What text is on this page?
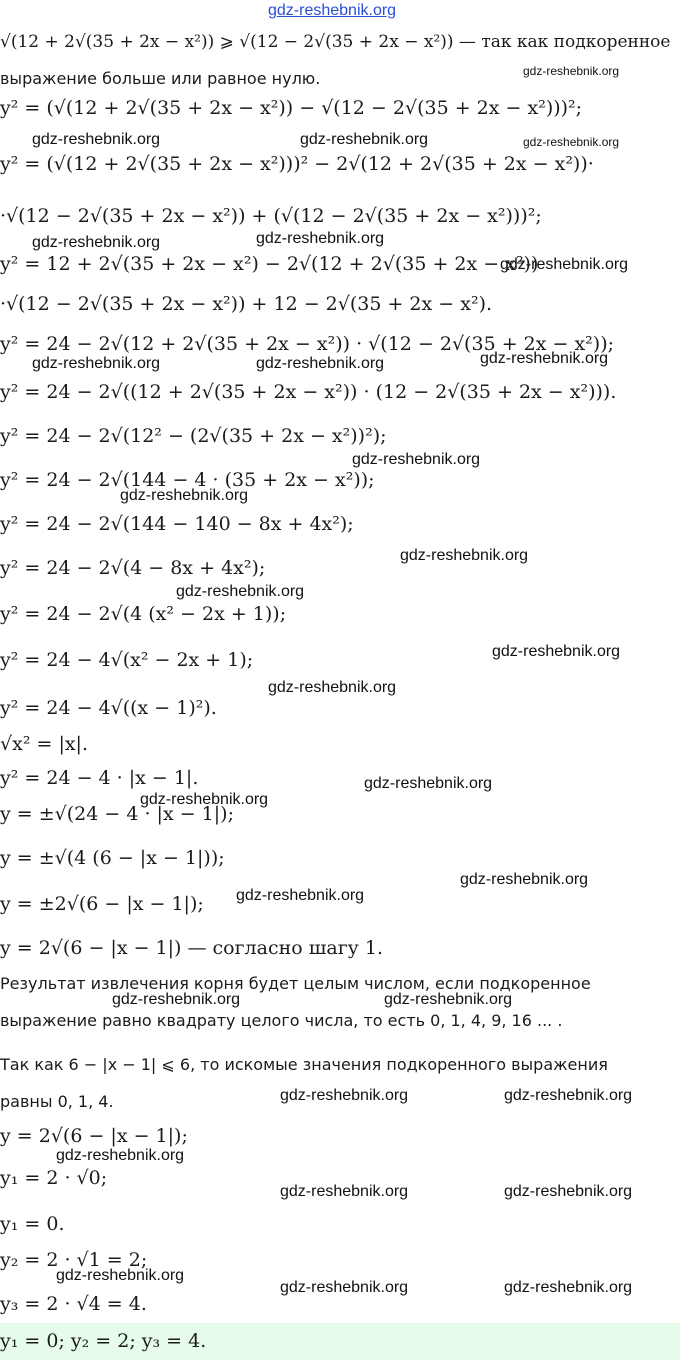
gdz-reshebnik.org
gdz-reshebnik.org
gdz-reshebnik.org	gdz-reshebnik.org	gdz-reshebnik.org
gdz-reshebnik.org	gdz-reshebnik.org
gdz-reshebnik.org
gdz-reshebnik.org	gdz-reshebnik.org	gdz-reshebnik.org
gdz-reshebnik.org
gdz-reshebnik.org
gdz-reshebnik.org
gdz-reshebnik.org
gdz-reshebnik.org
gdz-reshebnik.org
gdz-reshebnik.org
gdz-reshebnik.org
gdz-reshebnik.org
gdz-reshebnik.org
gdz-reshebnik.org	gdz-reshebnik.org
gdz-reshebnik.org	gdz-reshebnik.org
gdz-reshebnik.org
gdz-reshebnik.org	gdz-reshebnik.org
gdz-reshebnik.org
gdz-reshebnik.org	gdz-reshebnik.org
√(12 + 2√(35 + 2x − x²)) ⩾ √(12 − 2√(35 + 2x − x²)) — так как подкоренное
выражение больше или равное нулю.
y² = (√(12 + 2√(35 + 2x − x²)) − √(12 − 2√(35 + 2x − x²)))²;
y² = (√(12 + 2√(35 + 2x − x²)))² − 2√(12 + 2√(35 + 2x − x²))·
·√(12 − 2√(35 + 2x − x²)) + (√(12 − 2√(35 + 2x − x²)))²;
y² = 12 + 2√(35 + 2x − x²) − 2√(12 + 2√(35 + 2x − x²))
·√(12 − 2√(35 + 2x − x²)) + 12 − 2√(35 + 2x − x²).
y² = 24 − 2√(12 + 2√(35 + 2x − x²)) · √(12 − 2√(35 + 2x − x²));
y² = 24 − 2√((12 + 2√(35 + 2x − x²)) · (12 − 2√(35 + 2x − x²))).
y² = 24 − 2√(12² − (2√(35 + 2x − x²))²);
y² = 24 − 2√(144 − 4 · (35 + 2x − x²));
y² = 24 − 2√(144 − 140 − 8x + 4x²);
y² = 24 − 2√(4 − 8x + 4x²);
y² = 24 − 2√(4 (x² − 2x + 1));
y² = 24 − 4√(x² − 2x + 1);
y² = 24 − 4√((x − 1)²).
√x² = |x|.
y² = 24 − 4 · |x − 1|.
y = ±√(24 − 4 · |x − 1|);
y = ±√(4 (6 − |x − 1|));
y = ±2√(6 − |x − 1|);
y = 2√(6 − |x − 1|) — согласно шагу 1.
Результат извлечения корня будет целым числом, если подкоренное
выражение равно квадрату целого числа, то есть 0, 1, 4, 9, 16 ... .
Так как 6 − |x − 1| ⩽ 6, то искомые значения подкоренного выражения
равны 0, 1, 4.
y = 2√(6 − |x − 1|);
y₁ = 2 · √0;
y₁ = 0.
y₂ = 2 · √1 = 2;
y₃ = 2 · √4 = 4.
y₁ = 0; y₂ = 2; y₃ = 4.
